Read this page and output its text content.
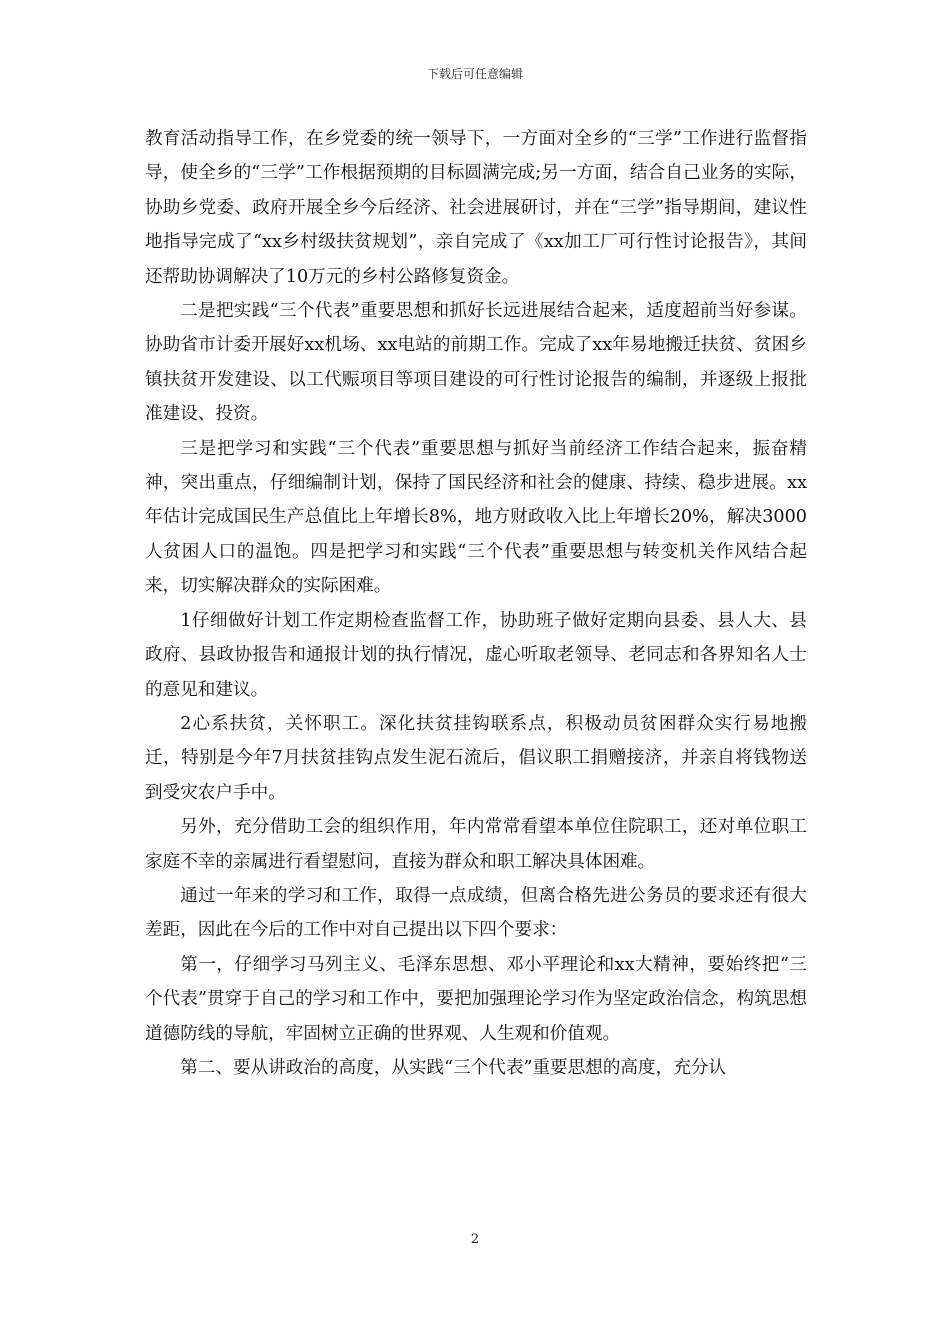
下载后可任意编辑

教育活动指导工作，在乡党委的统一领导下，一方面对全乡的“三学”工作进行监督指导，使全乡的“三学”工作根据预期的目标圆满完成;另一方面，结合自己业务的实际，协助乡党委、政府开展全乡今后经济、社会进展研讨，并在“三学”指导期间，建议性地指导完成了“xx乡村级扶贫规划”，亲自完成了《xx加工厂可行性讨论报告》，其间还帮助协调解决了10万元的乡村公路修复资金。

二是把实践“三个代表”重要思想和抓好长远进展结合起来，适度超前当好参谋。协助省市计委开展好xx机场、xx电站的前期工作。完成了xx年易地搬迁扶贫、贫困乡镇扶贫开发建设、以工代赈项目等项目建设的可行性讨论报告的编制，并逐级上报批准建设、投资。

三是把学习和实践“三个代表”重要思想与抓好当前经济工作结合起来，振奋精神，突出重点，仔细编制计划，保持了国民经济和社会的健康、持续、稳步进展。xx年估计完成国民生产总值比上年增长8%，地方财政收入比上年增长20%，解决3000人贫困人口的温饱。四是把学习和实践“三个代表”重要思想与转变机关作风结合起来，切实解决群众的实际困难。

1仔细做好计划工作定期检查监督工作，协助班子做好定期向县委、县人大、县政府、县政协报告和通报计划的执行情况，虚心听取老领导、老同志和各界知名人士的意见和建议。

2心系扶贫，关怀职工。深化扶贫挂钩联系点，积极动员贫困群众实行易地搬迁，特别是今年7月扶贫挂钩点发生泥石流后，倡议职工捐赠接济，并亲自将钱物送到受灾农户手中。

另外，充分借助工会的组织作用，年内常常看望本单位住院职工，还对单位职工家庭不幸的亲属进行看望慰问，直接为群众和职工解决具体困难。

通过一年来的学习和工作，取得一点成绩，但离合格先进公务员的要求还有很大差距，因此在今后的工作中对自己提出以下四个要求：

第一，仔细学习马列主义、毛泽东思想、邓小平理论和xx大精神，要始终把“三个代表”贯穿于自己的学习和工作中，要把加强理论学习作为坚定政治信念，构筑思想道德防线的导航，牢固树立正确的世界观、人生观和价值观。

第二、要从讲政治的高度，从实践“三个代表”重要思想的高度，充分认

2
